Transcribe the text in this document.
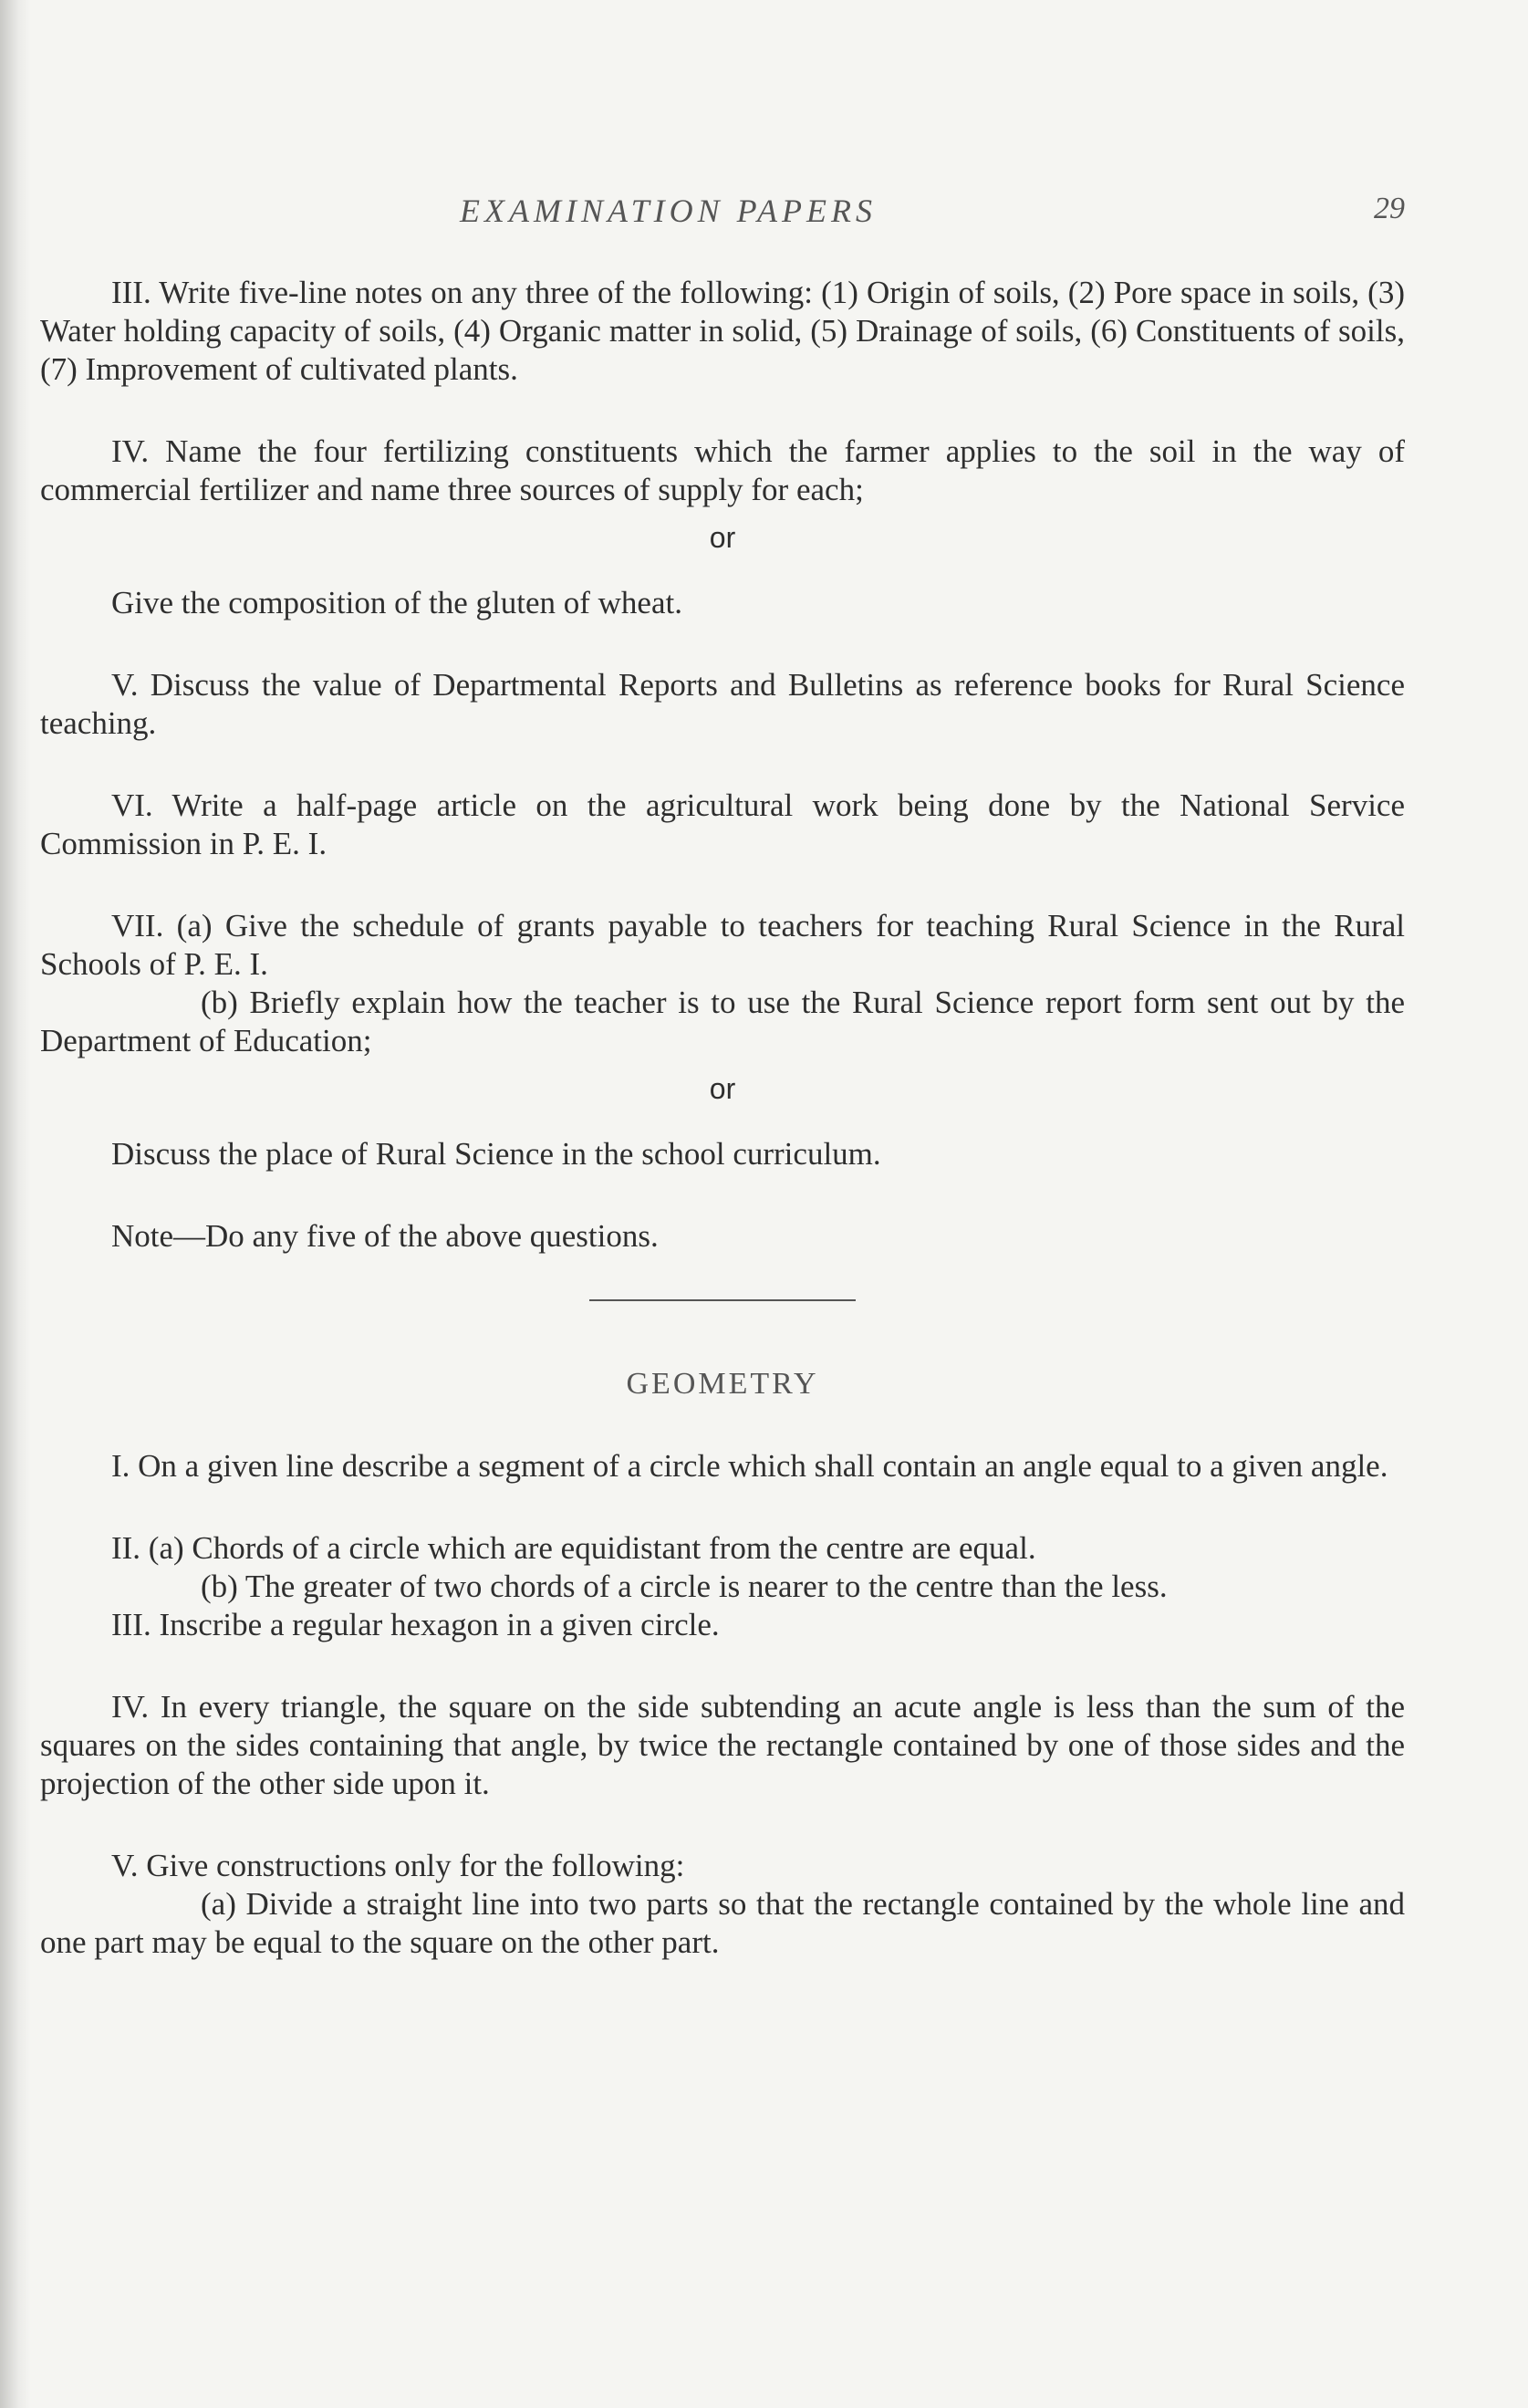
EXAMINATION PAPERS	29

III. Write five-line notes on any three of the following: (1) Origin of soils, (2) Pore space in soils, (3) Water holding capacity of soils, (4) Organic matter in solid, (5) Drainage of soils, (6) Constituents of soils, (7) Improvement of cultivated plants.

IV. Name the four fertilizing constituents which the farmer applies to the soil in the way of commercial fertilizer and name three sources of supply for each;

or

Give the composition of the gluten of wheat.

V. Discuss the value of Departmental Reports and Bulletins as reference books for Rural Science teaching.

VI. Write a half-page article on the agricultural work being done by the National Service Commission in P. E. I.

VII. (a) Give the schedule of grants payable to teachers for teaching Rural Science in the Rural Schools of P. E. I.

(b) Briefly explain how the teacher is to use the Rural Science report form sent out by the Department of Education;

or

Discuss the place of Rural Science in the school curriculum.

Note—Do any five of the above questions.

GEOMETRY

I. On a given line describe a segment of a circle which shall contain an angle equal to a given angle.

II. (a) Chords of a circle which are equidistant from the centre are equal.

(b) The greater of two chords of a circle is nearer to the centre than the less.

III. Inscribe a regular hexagon in a given circle.

IV. In every triangle, the square on the side subtending an acute angle is less than the sum of the squares on the sides containing that angle, by twice the rectangle contained by one of those sides and the projection of the other side upon it.

V. Give constructions only for the following:

(a) Divide a straight line into two parts so that the rectangle contained by the whole line and one part may be equal to the square on the other part.
